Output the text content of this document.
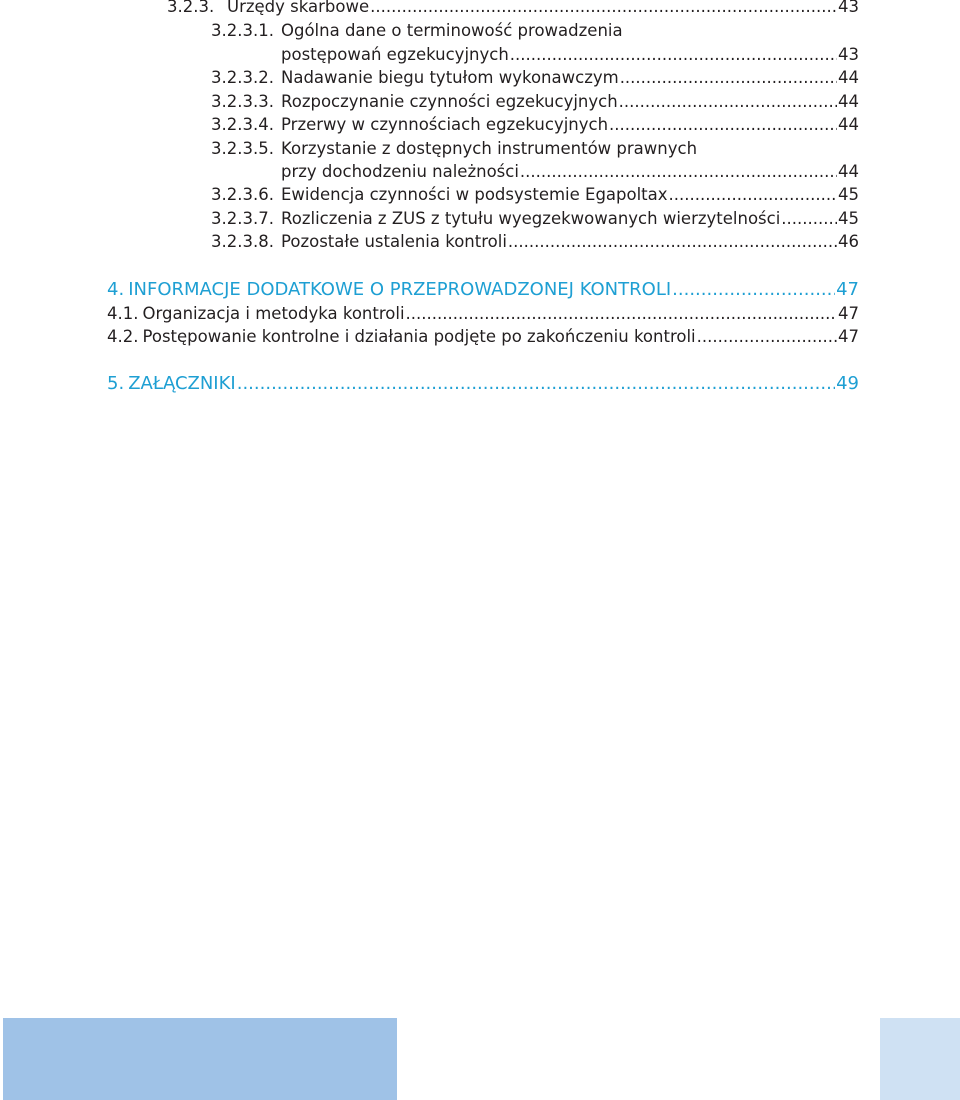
3.2.3. Urzędy skarbowe .....	43
3.2.3.1. Ogólna dane o terminowość prowadzenia
postępowań egzekucyjnych .....	43
3.2.3.2. Nadawanie biegu tytułom wykonawczym .....	44
3.2.3.3. Rozpoczynanie czynności egzekucyjnych .....	44
3.2.3.4. Przerwy w czynnościach egzekucyjnych .....	44
3.2.3.5. Korzystanie z dostępnych instrumentów prawnych
przy dochodzeniu należności .....	44
3.2.3.6. Ewidencja czynności w podsystemie Egapoltax .....	45
3.2.3.7. Rozliczenia z ZUS z tytułu wyegzekwowanych wierzytelności .....	45
3.2.3.8. Pozostałe ustalenia kontroli .....	46
4. INFORMACJE DODATKOWE O PRZEPROWADZONEJ KONTROLI .....	47
4.1. Organizacja i metodyka kontroli .....	47
4.2. Postępowanie kontrolne i działania podjęte po zakończeniu kontroli .....	47
5. ZAŁĄCZNIKI .....	49
